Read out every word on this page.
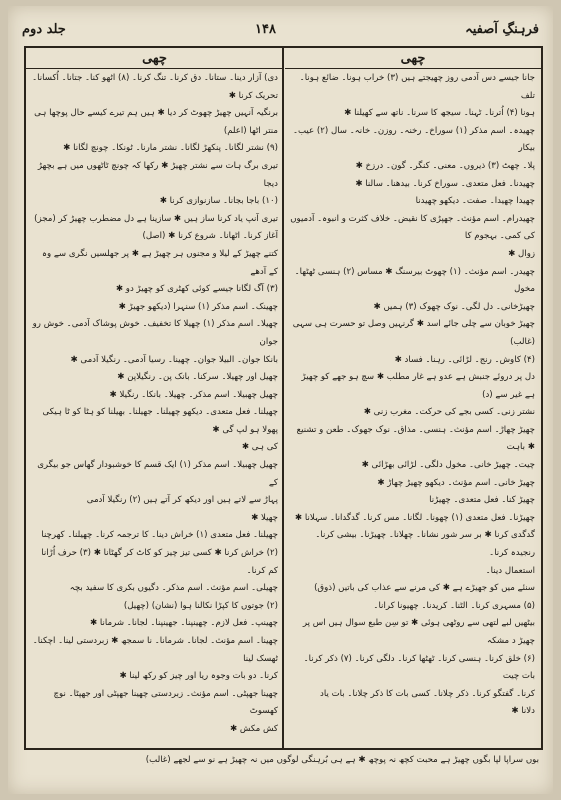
فرہنگِ آصفیہ
۱۴۸
جلد دوم
چھی
چھی

جانا جیسے دس آدمی روز چھیجتے ہیں (۳) خراب ہونا۔ ضائع ہونا۔ تلف

ہونا (۴) اُترنا۔ ٹہنا۔ سیجھ کا سرنا۔ ناتھ سے کھیلنا ✱

چھیدہ۔ اسم مذکر (۱) سوراخ۔ رخنہ۔ روزن۔ خانہ۔ سال (۲) عیب۔ بیکار

پلا۔ چھٹ (۳) ذیروں۔ معنی۔ کنگر۔ گون۔ درزخ ✱

چھیدنا۔ فعل متعدی۔ سوراخ کرنا۔ بیدھنا۔ سالنا ✱

چھیدا چھیدا۔ صفت۔ دیکھو چھیدنا

چھیدرام۔ اسم مؤنث۔ جھپڑی کا نقیض۔ خلاف کثرت و انبوہ۔ آدمیوں کی کمی۔ بہجوم کا

زوال ✱

چھیدر۔ اسم مؤنث۔ (۱) چھوٹ بیرسنگ ✱ مساس (۲) ہنسی ٹھٹھا۔ مخول

چھیڑخانی۔ دل لگی۔ نوک چھوک (۳) ہمیں ✱

چھیڑ خوبان سے چلی جائے اسد ✱ گرنہیں وصل تو حسرت ہی سہی (غالب)

(۴) کاوش۔ رنج۔ لڑائی۔ رہنا۔ فساد ✱

دل پر دروئے جنبش ہے عدو ہے غار مطلب ✱ سچ ہو جھے کو چھیڑ ہے غیر سے (د)

نشتر زنی۔ کسی بجے کی حرکت۔ مغرب زنی ✱

چھیڑ چھاڑ۔ اسم مؤنث۔ ہنسی۔ مذاق۔ نوک جھوک۔ طعن و تشنیع ✱ باہت

چیت۔ چھیڑ خانی۔ مخول دلگی۔ لڑائی بھڑائی ✱

چھیڑ خانی۔ اسم مؤنث۔ دیکھو چھیڑ چھاڑ ✱

چھیڑ کنا۔ فعل متعدی۔ چھیڑنا

چھیڑنا۔ فعل متعدی (۱) چھونا۔ لگانا۔ مس کرنا۔ گدگدانا۔ سہلانا ✱

گدگدی کرنا ✱ بر سر شور نشانا۔ چھلانا۔ چھیڑنا۔ بیشی کرنا۔ رنجیدہ کرنا۔

استعمال دینا۔

سنئے میں کو جھیڑے ہے ✱ کی مرنے سے عذاب کی باتیں (ذوق)

(۵) مسہری کرنا۔ الٹنا۔ کریدنا۔ چھیونا کرانا۔

بیٹھیں لبے لتھی سے روٹھی ہوئی ✱ تو سِن طبع سوال ہیں اس پر چھیڑ د مشکہ

(۶) خلق کرنا۔ ہنسی کرنا۔ ٹھٹھا کرنا۔ دلگی کرنا۔ (۷) ذکر کرنا۔ بات چیت

کرنا۔ گفتگو کرنا۔ ذکر چلانا۔ کسی بات کا ذکر چلانا۔ بات یاد

دلانا ✱

دی) آزار دینا۔ ستانا۔ دق کرنا۔ تنگ کرنا۔ (۸) اٹھو کنا۔ جتانا۔ اُکسانا۔

تحریک کرنا ✱

برنگیہ آنہیں چھیڑ چھوٹ کر دیا ✱ ہیں ہم تیرے کیسے حال پوچھا ہی منتر اٹھا (اعلم)

(۹) نشتر لگانا۔ پنکھڑ لگانا۔ نشتر مارنا۔ ٹونکا۔ چونچ لگانا ✱

تیری برگ ہات سے نشتر چھیڑ ✱ رکھا کہ چونچ ٹاٹھوں میں ہے بچھڑ دیجا

(۱۰) باجا بجانا۔ سازنوازی کرنا ✱

تیری آنپ یاد کرنا ساز ہیں ✱ سازینا ہے دل مضطرب چھیڑ کر (مجز)

آغاز کرنا۔ اٹھانا۔ شروع کرنا ✱ (اصل)

کتنے چھیڑ کے لیلا و مجنوں ہر چھیڑ ہے ✱ پر جھلسیں نگری سے وہ کے آدھے

(۳) آگ لگانا جیسے کوئی کھٹری کو چھیڑ دو ✱

چھینک۔ اسم مذکر (۱) سنہرا (دیکھو جھیڑ ✱

چھیلا۔ اسم مذکر (۱) چھیلا کا تخفیف۔ خوش پوشاک آدمی۔ خوش رو جوان

بانکا جوان۔ البیلا جوان۔ چھینا۔ رسیا آدمی۔ رنگیلا آدمی ✱

چھیل اور چھیلا۔ سرکنا۔ بانک پن۔ رنگیلاپن ✱

چھیل چھبیلا۔ اسم مذکر۔ چھیلا۔ بانکا۔ رنگیلا ✱

چھیلنا۔ فعل متعدی۔ دیکھو چھیلنا۔ جھیلنا۔ بھیلنا کو ہٹا کو ٹا ہیکی پھولا ہو لپ گی ✱

کی ہی ✱

چھیل چھبیلا۔ اسم مذکر (۱) ایک قسم کا خوشبودار گھاس جو بیگری کے

پہاڑ سے لاتے ہیں اور دیکھ کر آتے ہیں (۲) رنگیلا آدمی

چھیلا ✱

چھیلنا۔ فعل متعدی (۱) خراش دینا۔ کا ترجمہ کرنا۔ چھیلنا۔ کھرچنا

(۲) خراش کرنا ✱ کسی تیز چیز کو کاٹ کر گھٹانا ✱ (۳) حرف اُڑانا

کم کرنا۔

چھیلی۔ اسم مؤنث۔ اسم مذکر۔ دگیوں بکری کا سفید بچہ

(۲) جوتوں کا کپڑا نکالنا ہوا (نشان) (چھیل)

چھینپ۔ فعل لازم۔ چھینپنا۔ جھینپنا۔ لجانا۔ شرمانا ✱

چھینا۔ اسم مؤنث۔ لجانا۔ شرمانا۔ نا سمجھ ✱ زبردستی لینا۔ اچکنا۔ ٹھسک لینا

کرنا۔ دو بات وجوہ ریا اور چیز کو رکھ لینا ✱

چھینا جھپٹی۔ اسم مؤنث۔ زبردستی چھینا جھپٹی اور جھپٹا۔ نوچ کھسوٹ

کش مکش ✱

بوں سراپا لپا بگوں چھیڑ ہے محبت کچھ نہ پوچھ ✱ ہے ہی بُرہنگی لوگوں میں نہ چھیڑ ہے نو سے لجھے (غالب)
